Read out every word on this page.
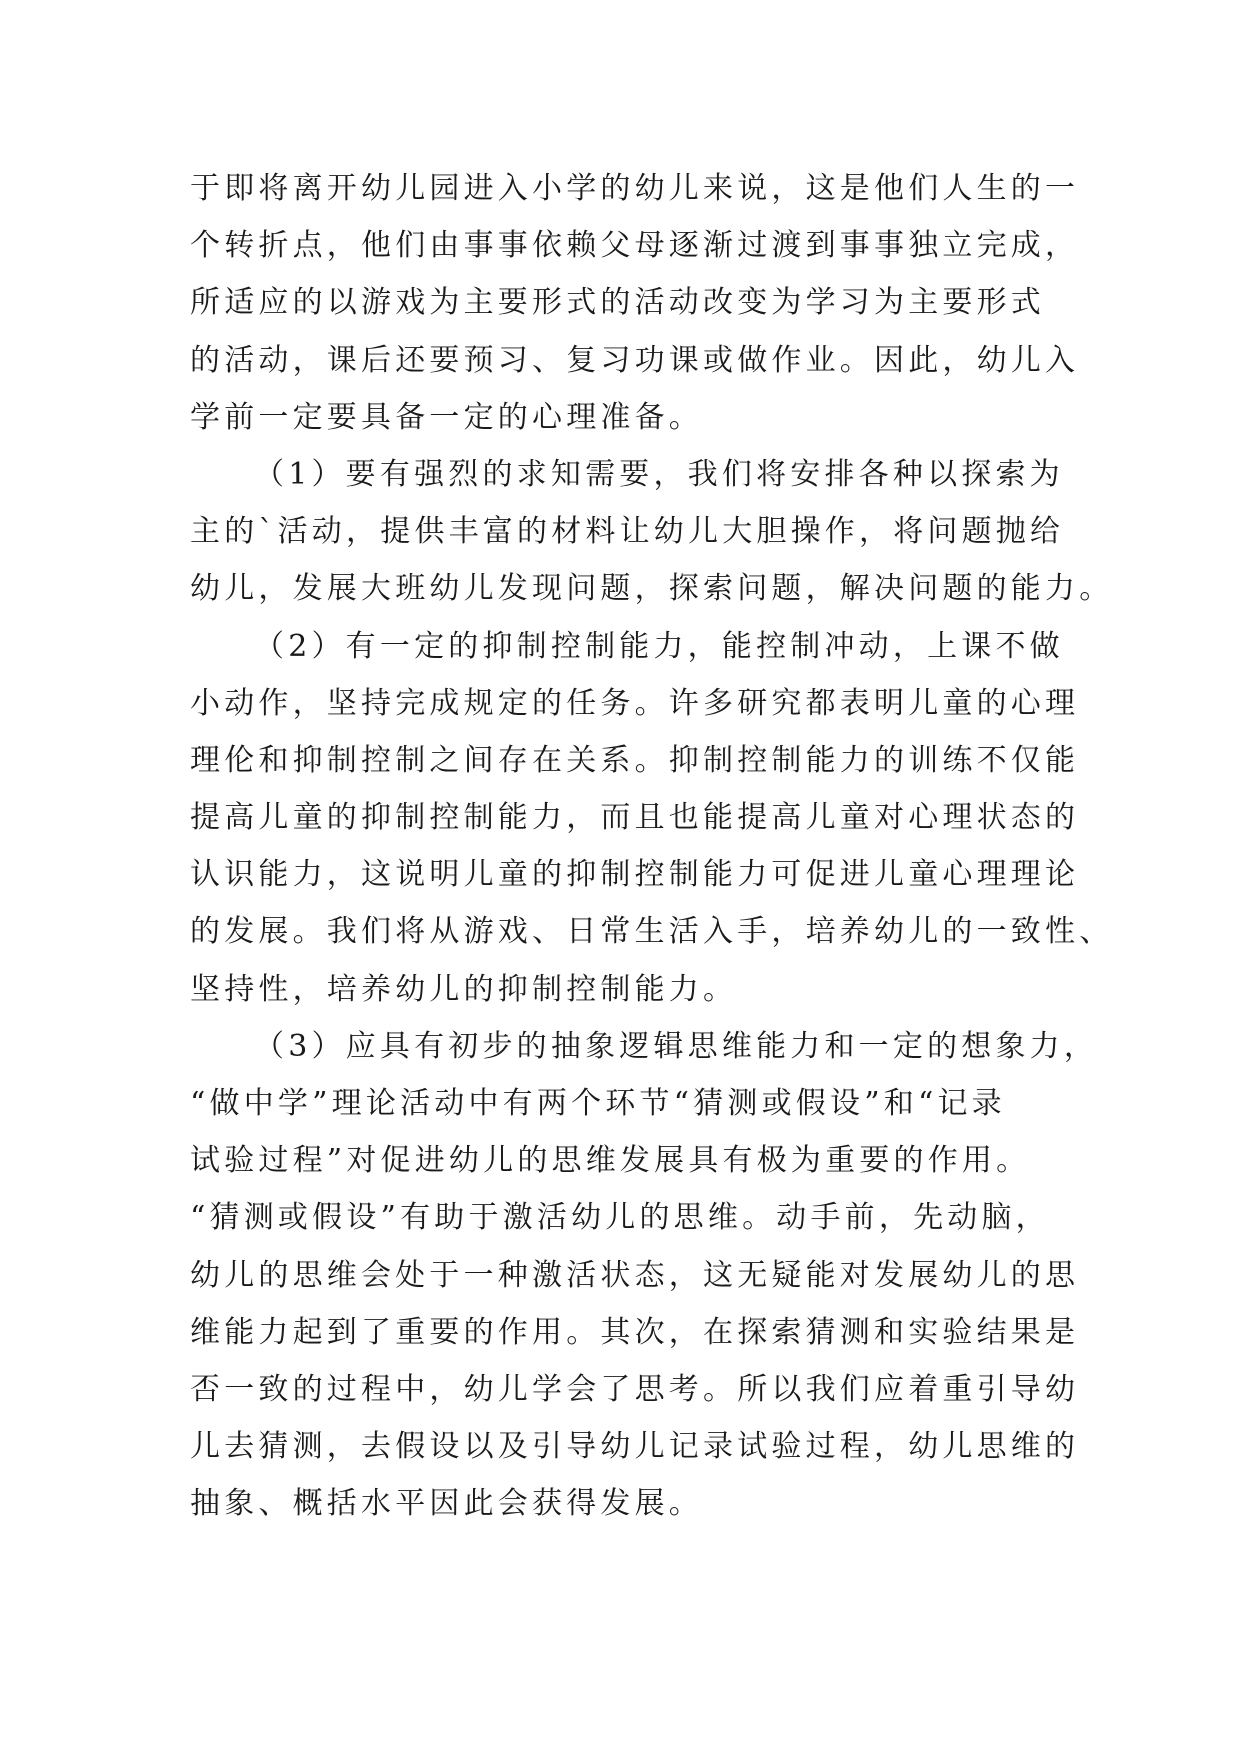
于即将离开幼儿园进入小学的幼儿来说，这是他们人生的一
个转折点，他们由事事依赖父母逐渐过渡到事事独立完成，
所适应的以游戏为主要形式的活动改变为学习为主要形式
的活动，课后还要预习、复习功课或做作业。因此，幼儿入
学前一定要具备一定的心理准备。
（1）要有强烈的求知需要，我们将安排各种以探索为
主的`活动，提供丰富的材料让幼儿大胆操作，将问题抛给
幼儿，发展大班幼儿发现问题，探索问题，解决问题的能力。
（2）有一定的抑制控制能力，能控制冲动，上课不做
小动作，坚持完成规定的任务。许多研究都表明儿童的心理
理伦和抑制控制之间存在关系。抑制控制能力的训练不仅能
提高儿童的抑制控制能力，而且也能提高儿童对心理状态的
认识能力，这说明儿童的抑制控制能力可促进儿童心理理论
的发展。我们将从游戏、日常生活入手，培养幼儿的一致性、
坚持性，培养幼儿的抑制控制能力。
（3）应具有初步的抽象逻辑思维能力和一定的想象力，
“做中学”理论活动中有两个环节“猜测或假设”和“记录
试验过程”对促进幼儿的思维发展具有极为重要的作用。
“猜测或假设”有助于激活幼儿的思维。动手前，先动脑，
幼儿的思维会处于一种激活状态，这无疑能对发展幼儿的思
维能力起到了重要的作用。其次，在探索猜测和实验结果是
否一致的过程中，幼儿学会了思考。所以我们应着重引导幼
儿去猜测，去假设以及引导幼儿记录试验过程，幼儿思维的
抽象、概括水平因此会获得发展。
